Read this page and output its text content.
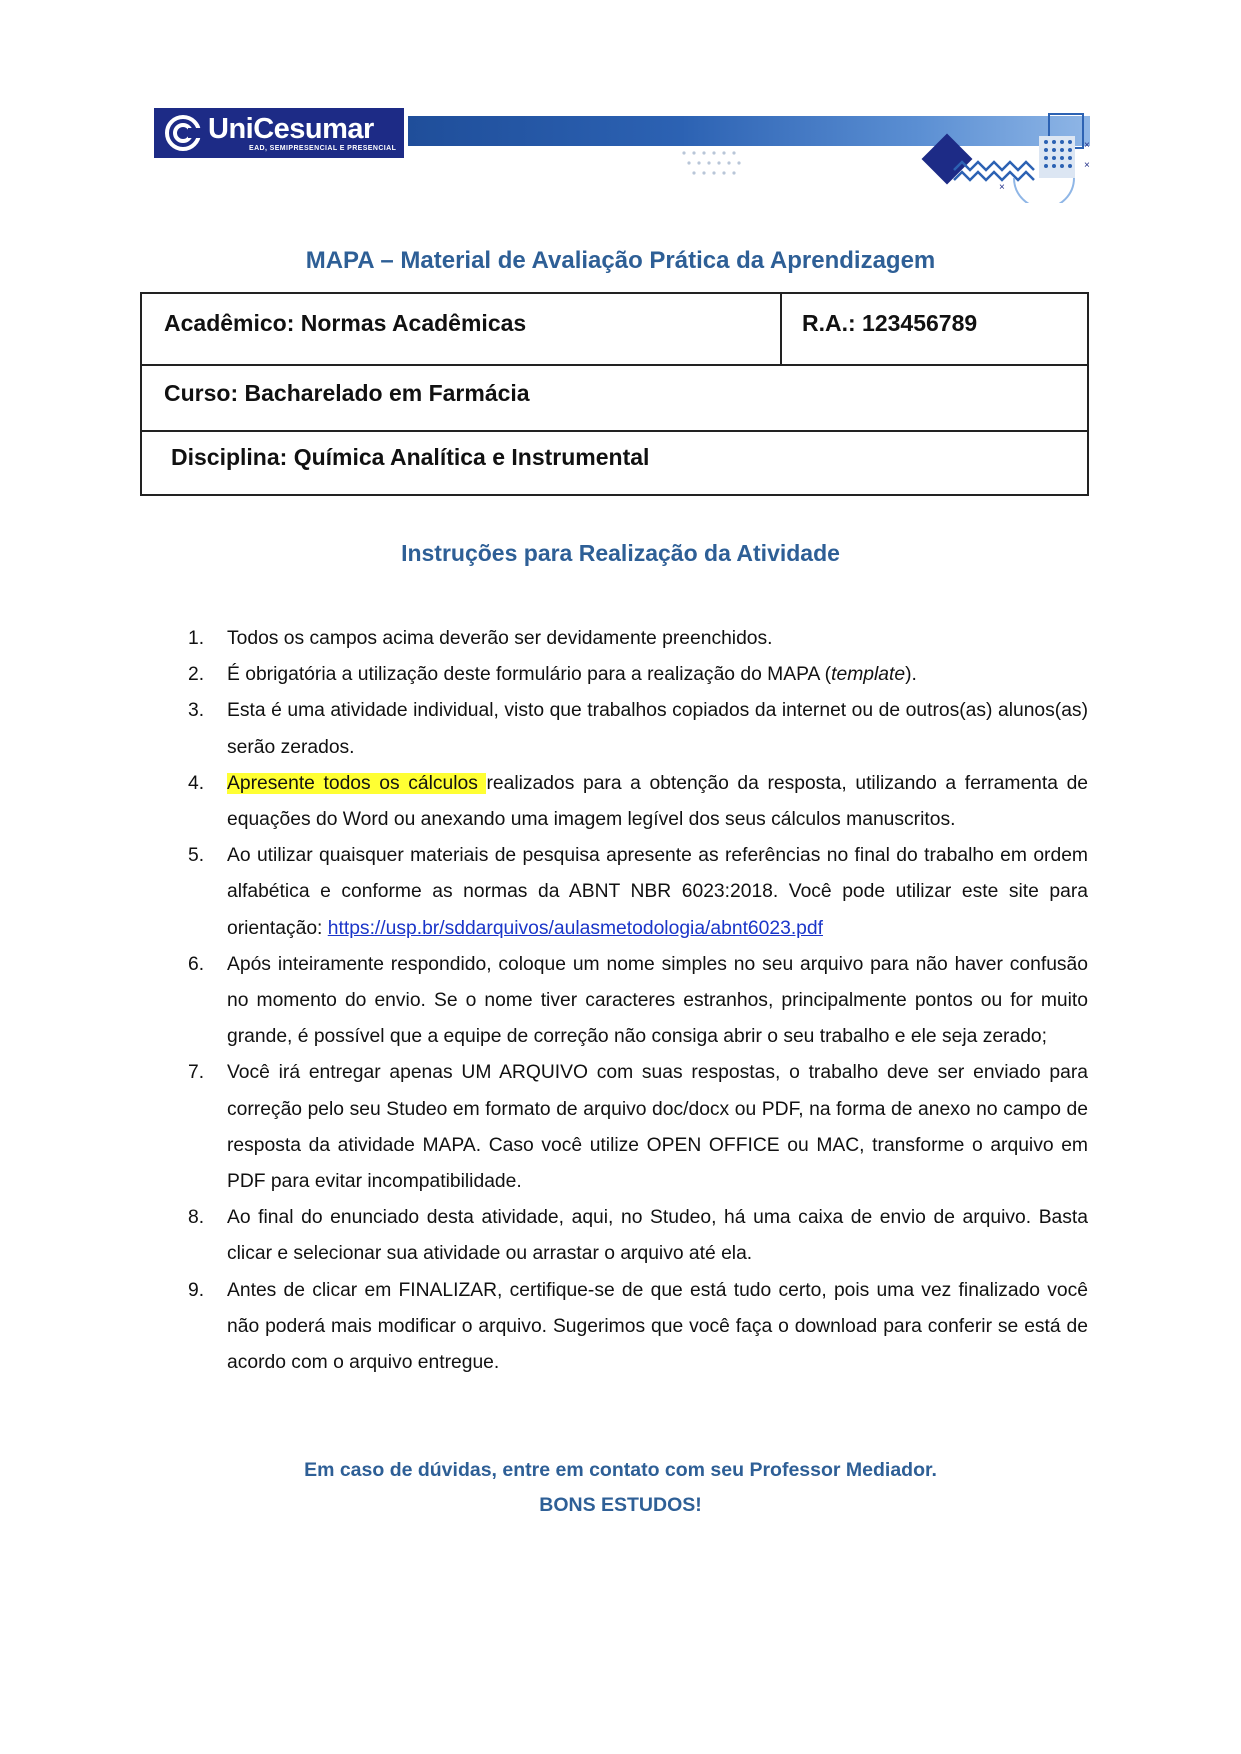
UniCesumar
EAD, SEMIPRESENCIAL E PRESENCIAL	×
×
×
MAPA – Material de Avaliação Prática da Aprendizagem
Acadêmico: Normas Acadêmicas	R.A.: 123456789
Curso: Bacharelado em Farmácia
Disciplina: Química Analítica e Instrumental
Instruções para Realização da Atividade
1. Todos os campos acima deverão ser devidamente preenchidos.
2. É obrigatória a utilização deste formulário para a realização do MAPA (template).
3. Esta é uma atividade individual, visto que trabalhos copiados da internet ou de outros(as) alunos(as) serão zerados.
4. Apresente todos os cálculos realizados para a obtenção da resposta, utilizando a ferramenta de equações do Word ou anexando uma imagem legível dos seus cálculos manuscritos.
5. Ao utilizar quaisquer materiais de pesquisa apresente as referências no final do trabalho em ordem alfabética e conforme as normas da ABNT NBR 6023:2018. Você pode utilizar este site para orientação: https://usp.br/sddarquivos/aulasmetodologia/abnt6023.pdf
6. Após inteiramente respondido, coloque um nome simples no seu arquivo para não haver confusão no momento do envio. Se o nome tiver caracteres estranhos, principalmente pontos ou for muito grande, é possível que a equipe de correção não consiga abrir o seu trabalho e ele seja zerado;
7. Você irá entregar apenas UM ARQUIVO com suas respostas, o trabalho deve ser enviado para correção pelo seu Studeo em formato de arquivo doc/docx ou PDF, na forma de anexo no campo de resposta da atividade MAPA. Caso você utilize OPEN OFFICE ou MAC, transforme o arquivo em PDF para evitar incompatibilidade.
8. Ao final do enunciado desta atividade, aqui, no Studeo, há uma caixa de envio de arquivo. Basta clicar e selecionar sua atividade ou arrastar o arquivo até ela.
9. Antes de clicar em FINALIZAR, certifique-se de que está tudo certo, pois uma vez finalizado você não poderá mais modificar o arquivo. Sugerimos que você faça o download para conferir se está de acordo com o arquivo entregue.
Em caso de dúvidas, entre em contato com seu Professor Mediador.
BONS ESTUDOS!
